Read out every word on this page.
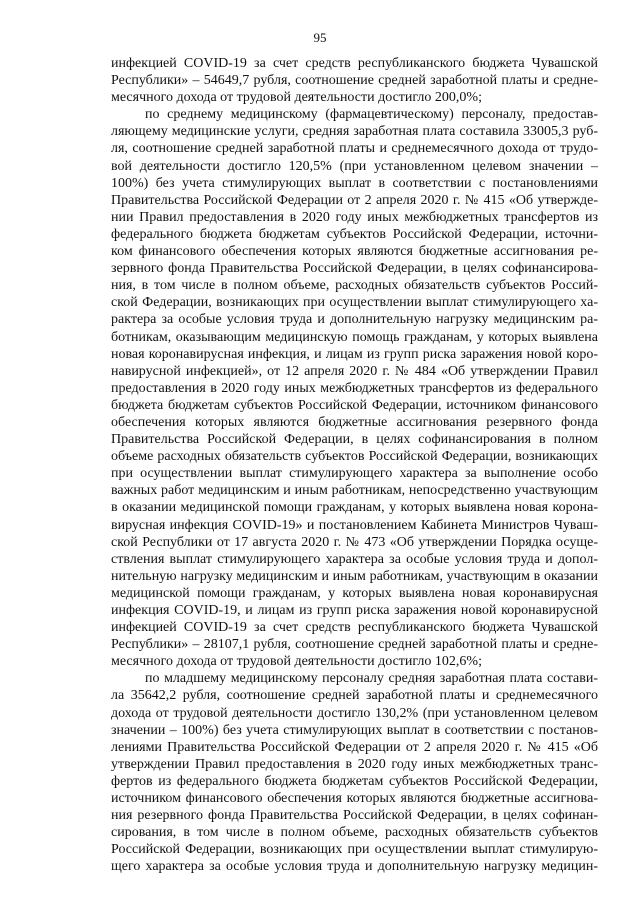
95
инфекцией COVID-19 за счет средств республиканского бюджета Чувашской
Республики» – 54649,7 рубля, соотношение средней заработной платы и средне-
месячного дохода от трудовой деятельности достигло 200,0%;
по среднему медицинскому (фармацевтическому) персоналу, предостав-
ляющему медицинские услуги, средняя заработная плата составила 33005,3 руб-
ля, соотношение средней заработной платы и среднемесячного дохода от трудо-
вой деятельности достигло 120,5% (при установленном целевом значении –
100%) без учета стимулирующих выплат в соответствии с постановлениями
Правительства Российской Федерации от 2 апреля 2020 г. № 415 «Об утвержде-
нии Правил предоставления в 2020 году иных межбюджетных трансфертов из
федерального бюджета бюджетам субъектов Российской Федерации, источни-
ком финансового обеспечения которых являются бюджетные ассигнования ре-
зервного фонда Правительства Российской Федерации, в целях софинансирова-
ния, в том числе в полном объеме, расходных обязательств субъектов Россий-
ской Федерации, возникающих при осуществлении выплат стимулирующего ха-
рактера за особые условия труда и дополнительную нагрузку медицинским ра-
ботникам, оказывающим медицинскую помощь гражданам, у которых выявлена
новая коронавирусная инфекция, и лицам из групп риска заражения новой коро-
навирусной инфекцией», от 12 апреля 2020 г. № 484 «Об утверждении Правил
предоставления в 2020 году иных межбюджетных трансфертов из федерального
бюджета бюджетам субъектов Российской Федерации, источником финансового
обеспечения которых являются бюджетные ассигнования резервного фонда
Правительства Российской Федерации, в целях софинансирования в полном
объеме расходных обязательств субъектов Российской Федерации, возникающих
при осуществлении выплат стимулирующего характера за выполнение особо
важных работ медицинским и иным работникам, непосредственно участвующим
в оказании медицинской помощи гражданам, у которых выявлена новая корона-
вирусная инфекция COVID-19» и постановлением Кабинета Министров Чуваш-
ской Республики от 17 августа 2020 г. № 473 «Об утверждении Порядка осуще-
ствления выплат стимулирующего характера за особые условия труда и допол-
нительную нагрузку медицинским и иным работникам, участвующим в оказании
медицинской помощи гражданам, у которых выявлена новая коронавирусная
инфекция COVID-19, и лицам из групп риска заражения новой коронавирусной
инфекцией COVID-19 за счет средств республиканского бюджета Чувашской
Республики» – 28107,1 рубля, соотношение средней заработной платы и средне-
месячного дохода от трудовой деятельности достигло 102,6%;
по младшему медицинскому персоналу средняя заработная плата состави-
ла 35642,2 рубля, соотношение средней заработной платы и среднемесячного
дохода от трудовой деятельности достигло 130,2% (при установленном целевом
значении – 100%) без учета стимулирующих выплат в соответствии с постанов-
лениями Правительства Российской Федерации от 2 апреля 2020 г. № 415 «Об
утверждении Правил предоставления в 2020 году иных межбюджетных транс-
фертов из федерального бюджета бюджетам субъектов Российской Федерации,
источником финансового обеспечения которых являются бюджетные ассигнова-
ния резервного фонда Правительства Российской Федерации, в целях софинан-
сирования, в том числе в полном объеме, расходных обязательств субъектов
Российской Федерации, возникающих при осуществлении выплат стимулирую-
щего характера за особые условия труда и дополнительную нагрузку медицин-
